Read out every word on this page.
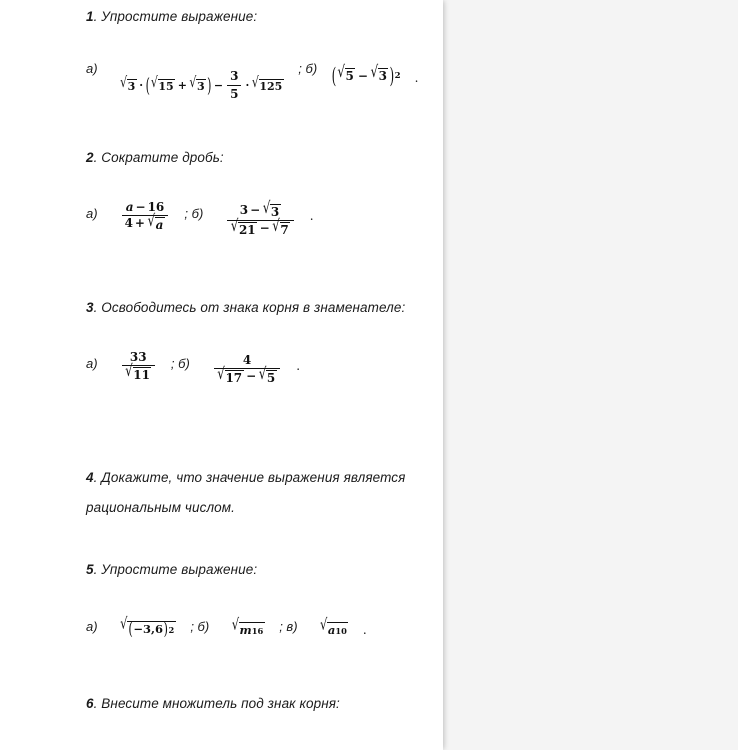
1. Упростите выражение:
а)
√ 3 · ( √ 15 + √ 3 ) − $\frac{3}{5}$ · √ 125
; б) ( √ 5 − √ 3 ) 2 .
2. Сократите дробь:
$а) \frac{a - 16}{4 + √ a}$ ; $б) \frac{3 - √ 3}{√ 21 - √ 7}$ .
3. Освободитесь от знака корня в знаменателе:
$а) \frac{33}{√ 11}$ ; $б) \frac{4}{√ 17 - √ 5}$ .
4. Докажите, что значение выражения является рациональным числом.
5. Упростите выражение:
а) √ ( −3,6 ) 2 ; б) √ m 16 ; в) √ a 10 .
6. Внесите множитель под знак корня:
